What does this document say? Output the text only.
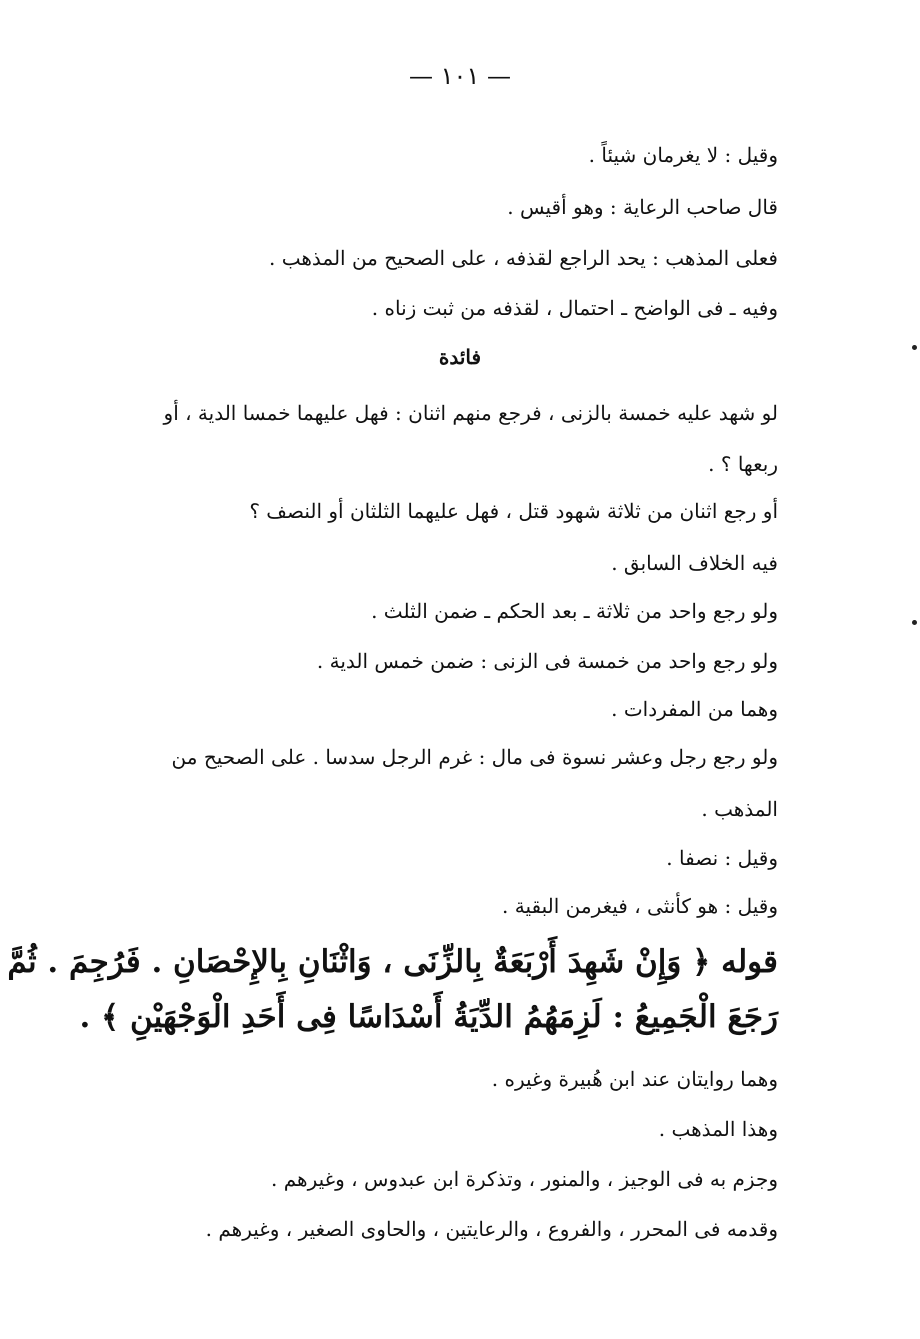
— ١٠١ —
وقيل : لا يغرمان شيئاً .
قال صاحب الرعاية : وهو أقيس .
فعلى المذهب : يحد الراجع لقذفه ، على الصحيح من المذهب .
وفيه ـ فى الواضح ـ احتمال ، لقذفه من ثبت زناه .
فائدة
لو شهد عليه خمسة بالزنى ، فرجع منهم اثنان : فهل عليهما خمسا الدية ، أو
ربعها ؟ .
أو رجع اثنان من ثلاثة شهود قتل ، فهل عليهما الثلثان أو النصف ؟
فيه الخلاف السابق .
ولو رجع واحد من ثلاثة ـ بعد الحكم ـ ضمن الثلث .
ولو رجع واحد من خمسة فى الزنى : ضمن خمس الدية .
وهما من المفردات .
ولو رجع رجل وعشر نسوة فى مال : غرم الرجل سدسا . على الصحيح من
المذهب .
وقيل : نصفا .
وقيل : هو كأنثى ، فيغرمن البقية .
قوله ﴿ وَإِنْ شَهِدَ أَرْبَعَةٌ بِالزِّنَى ، وَاثْنَانِ بِالإِحْصَانِ . فَرُجِمَ . ثُمَّ
رَجَعَ الْجَمِيعُ : لَزِمَهُمُ الدِّيَةُ أَسْدَاسًا فِى أَحَدِ الْوَجْهَيْنِ ﴾ .
وهما روايتان عند ابن هُبيرة وغيره .
وهذا المذهب .
وجزم به فى الوجيز ، والمنور ، وتذكرة ابن عبدوس ، وغيرهم .
وقدمه فى المحرر ، والفروع ، والرعايتين ، والحاوى الصغير ، وغيرهم .
